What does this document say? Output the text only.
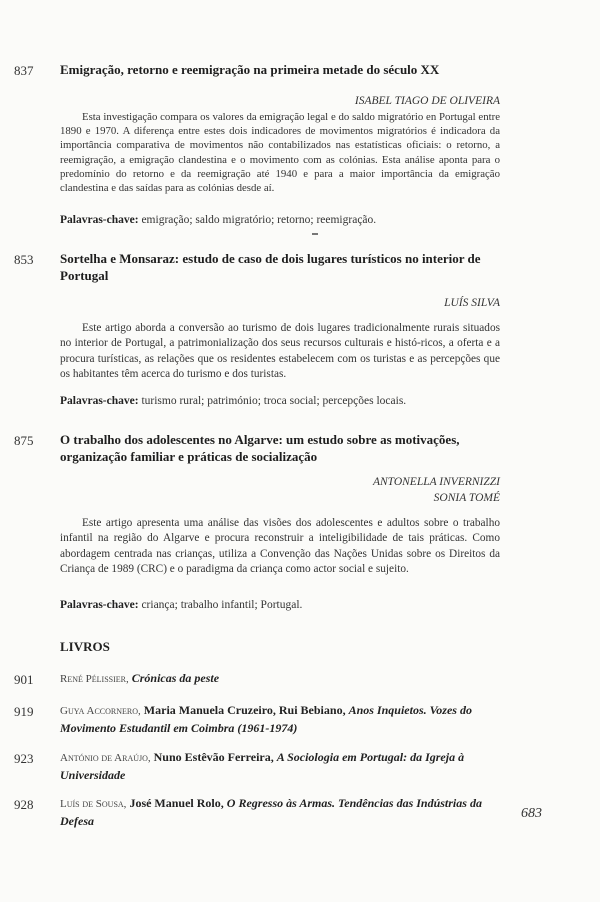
837	Emigração, retorno e reemigração na primeira metade do século XX
ISABEL TIAGO DE OLIVEIRA
Esta investigação compara os valores da emigração legal e do saldo migratório en Portugal entre 1890 e 1970. A diferença entre estes dois indicadores de movimentos migratórios é indicadora da importância comparativa de movimentos não contabilizados nas estatísticas oficiais: o retorno, a reemigração, a emigração clandestina e o movimento com as colónias. Esta análise aponta para o predomínio do retorno e da reemigração até 1940 e para a maior importância da emigração clandestina e das saídas para as colónias desde aí.
Palavras-chave: emigração; saldo migratório; retorno; reemigração.
853	Sortelha e Monsaraz: estudo de caso de dois lugares turísticos no interior de Portugal
LUÍS SILVA
Este artigo aborda a conversão ao turismo de dois lugares tradicionalmente rurais situados no interior de Portugal, a patrimonialização dos seus recursos culturais e histó-ricos, a oferta e a procura turísticas, as relações que os residentes estabelecem com os turistas e as percepções que os habitantes têm acerca do turismo e dos turistas.
Palavras-chave: turismo rural; património; troca social; percepções locais.
875	O trabalho dos adolescentes no Algarve: um estudo sobre as motivações, organização familiar e práticas de socialização
ANTONELLA INVERNIZZI
SONIA TOMÉ
Este artigo apresenta uma análise das visões dos adolescentes e adultos sobre o trabalho infantil na região do Algarve e procura reconstruir a inteligibilidade de tais práticas. Como abordagem centrada nas crianças, utiliza a Convenção das Nações Unidas sobre os Direitos da Criança de 1989 (CRC) e o paradigma da criança como actor social e sujeito.
Palavras-chave: criança; trabalho infantil; Portugal.
LIVROS
901	René Pélissier, Crónicas da peste
919	Guya Accornero, Maria Manuela Cruzeiro, Rui Bebiano, Anos Inquietos. Vozes do Movimento Estudantil em Coimbra (1961-1974)
923	António de Araújo, Nuno Estêvão Ferreira, A Sociologia em Portugal: da Igreja à Universidade
928	Luís de Sousa, José Manuel Rolo, O Regresso às Armas. Tendências das Indústrias da Defesa	683
